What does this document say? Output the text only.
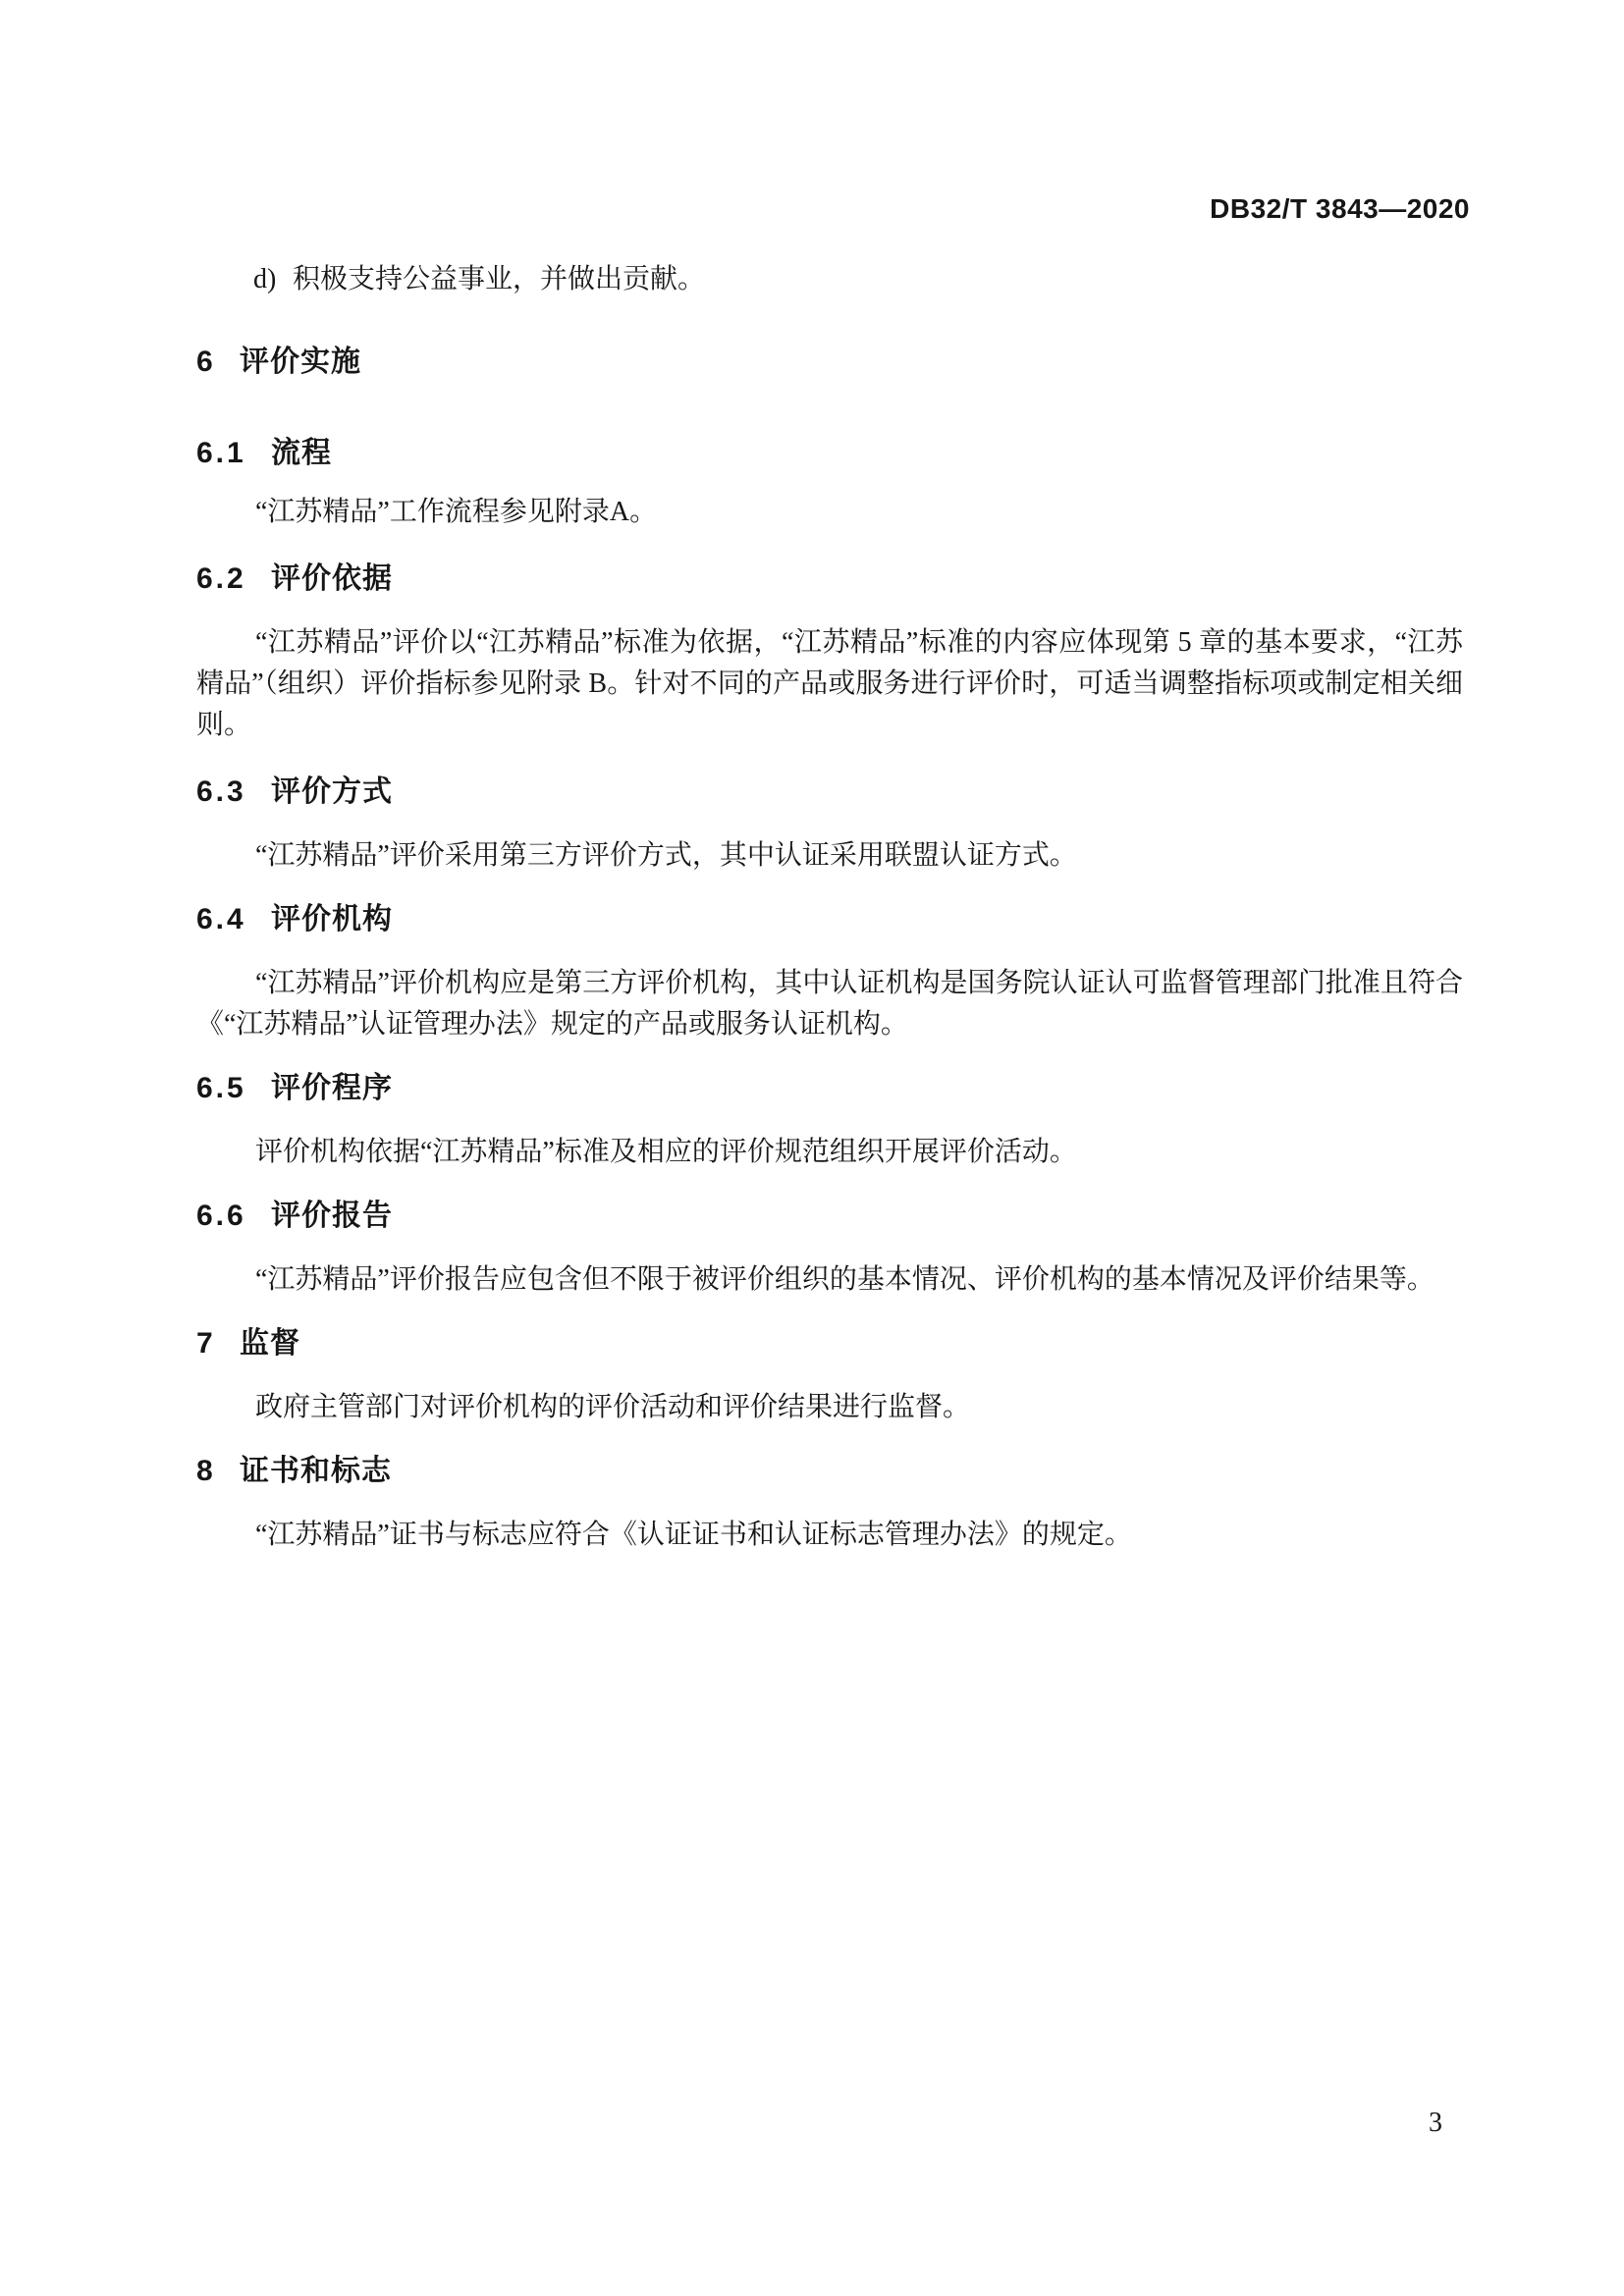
DB32/T 3843—2020

d) 积极支持公益事业，并做出贡献。

6 评价实施
6.1 流程

“江苏精品”工作流程参见附录A。

6.2 评价依据

“江苏精品”评价以“江苏精品”标准为依据，“江苏精品”标准的内容应体现第 5 章的基本要求，“江苏精品”（组织）评价指标参见附录 B。针对不同的产品或服务进行评价时，可适当调整指标项或制定相关细则。

6.3 评价方式

“江苏精品”评价采用第三方评价方式，其中认证采用联盟认证方式。

6.4 评价机构

“江苏精品”评价机构应是第三方评价机构，其中认证机构是国务院认证认可监督管理部门批准且符合《“江苏精品”认证管理办法》规定的产品或服务认证机构。

6.5 评价程序

评价机构依据“江苏精品”标准及相应的评价规范组织开展评价活动。

6.6 评价报告

“江苏精品”评价报告应包含但不限于被评价组织的基本情况、评价机构的基本情况及评价结果等。

7 监督

政府主管部门对评价机构的评价活动和评价结果进行监督。

8 证书和标志

“江苏精品”证书与标志应符合《认证证书和认证标志管理办法》的规定。

3
